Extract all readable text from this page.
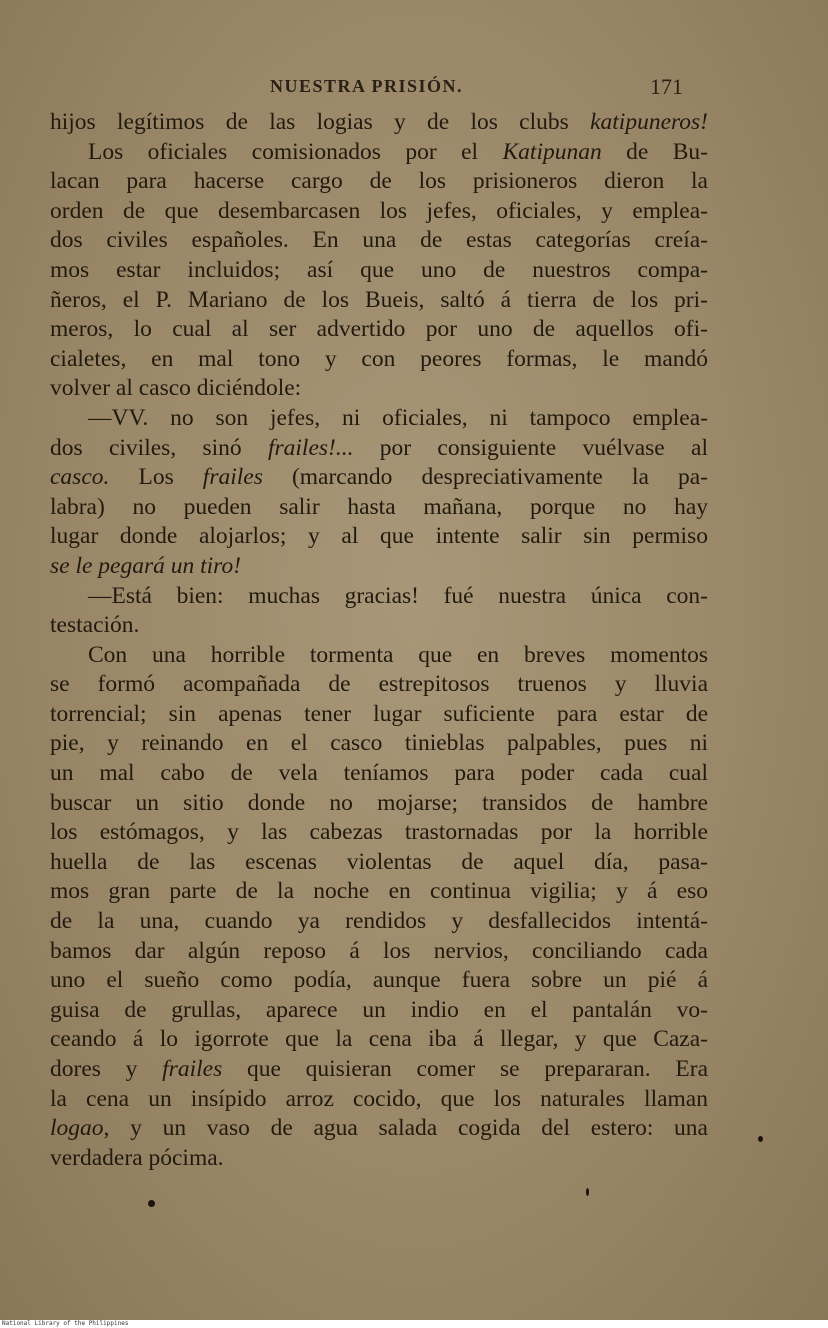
NUESTRA PRISIÓN.	171
hijos legítimos de las logias y de los clubs katipuneros!
Los oficiales comisionados por el Katipunan de Bu-
lacan para hacerse cargo de los prisioneros dieron la
orden de que desembarcasen los jefes, oficiales, y emplea-
dos civiles españoles. En una de estas categorías creía-
mos estar incluidos; así que uno de nuestros compa-
ñeros, el P. Mariano de los Bueis, saltó á tierra de los pri-
meros, lo cual al ser advertido por uno de aquellos ofi-
cialetes, en mal tono y con peores formas, le mandó
volver al casco diciéndole:
—VV. no son jefes, ni oficiales, ni tampoco emplea-
dos civiles, sinó frailes!... por consiguiente vuélvase al
casco. Los frailes (marcando despreciativamente la pa-
labra) no pueden salir hasta mañana, porque no hay
lugar donde alojarlos; y al que intente salir sin permiso
se le pegará un tiro!
—Está bien: muchas gracias! fué nuestra única con-
testación.
Con una horrible tormenta que en breves momentos
se formó acompañada de estrepitosos truenos y lluvia
torrencial; sin apenas tener lugar suficiente para estar de
pie, y reinando en el casco tinieblas palpables, pues ni
un mal cabo de vela teníamos para poder cada cual
buscar un sitio donde no mojarse; transidos de hambre
los estómagos, y las cabezas trastornadas por la horrible
huella de las escenas violentas de aquel día, pasa-
mos gran parte de la noche en continua vigilia; y á eso
de la una, cuando ya rendidos y desfallecidos intentá-
bamos dar algún reposo á los nervios, conciliando cada
uno el sueño como podía, aunque fuera sobre un pié á
guisa de grullas, aparece un indio en el pantalán vo-
ceando á lo igorrote que la cena iba á llegar, y que Caza-
dores y frailes que quisieran comer se prepararan. Era
la cena un insípido arroz cocido, que los naturales llaman
logao, y un vaso de agua salada cogida del estero: una
verdadera pócima.
National Library of the Philippines
